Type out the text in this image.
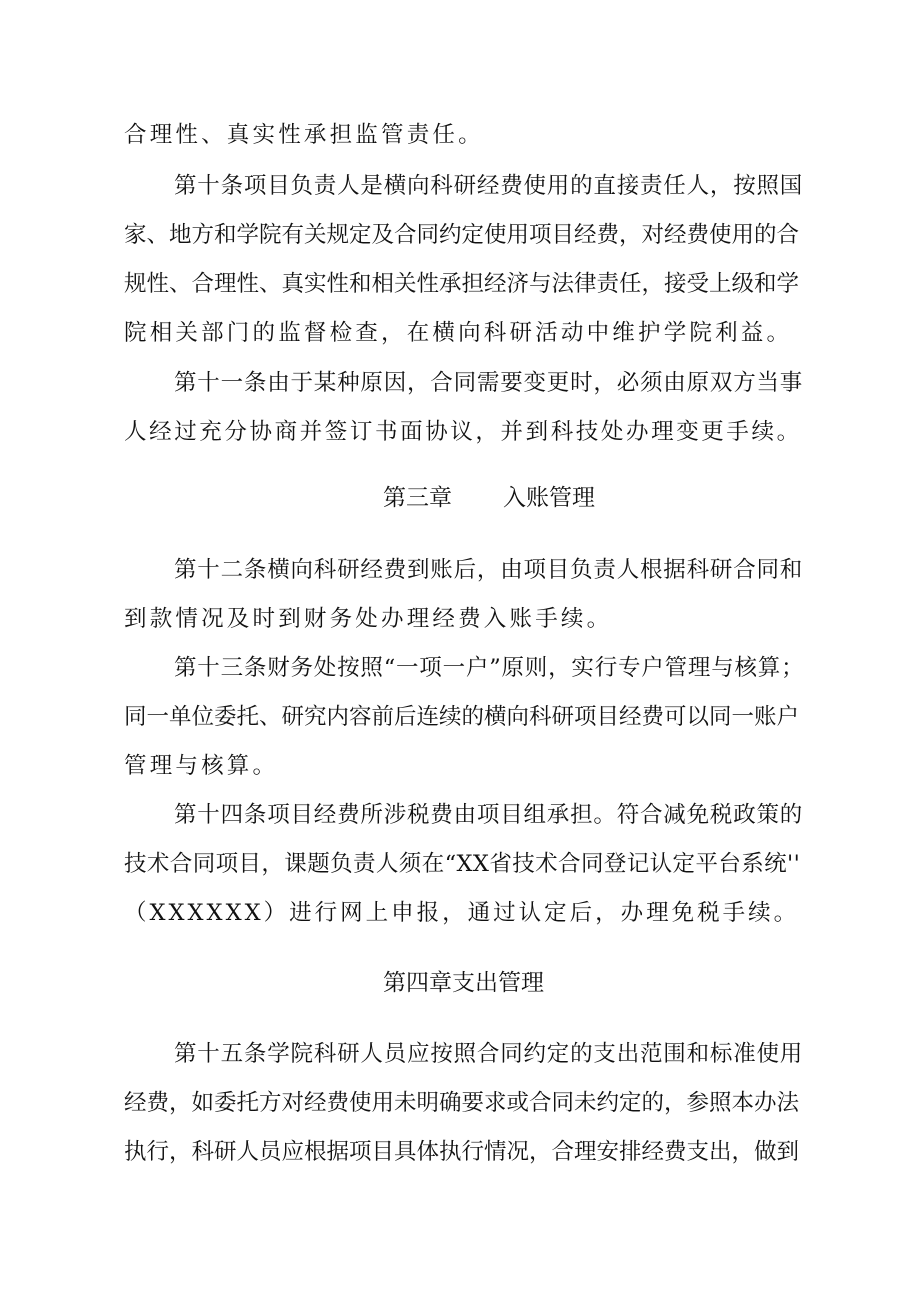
合理性、真实性承担监管责任。
第十条项目负责人是横向科研经费使用的直接责任人，按照国
家、地方和学院有关规定及合同约定使用项目经费，对经费使用的合
规性、合理性、真实性和相关性承担经济与法律责任，接受上级和学
院相关部门的监督检查，在横向科研活动中维护学院利益。
第十一条由于某种原因，合同需要变更时，必须由原双方当事
人经过充分协商并签订书面协议，并到科技处办理变更手续。
第三章 入账管理
第十二条横向科研经费到账后，由项目负责人根据科研合同和
到款情况及时到财务处办理经费入账手续。
第十三条财务处按照“一项一户”原则，实行专户管理与核算；
同一单位委托、研究内容前后连续的横向科研项目经费可以同一账户
管理与核算。
第十四条项目经费所涉税费由项目组承担。符合减免税政策的
技术合同项目，课题负责人须在“XX省技术合同登记认定平台系统''
（XXXXXX）进行网上申报，通过认定后，办理免税手续。
第四章支出管理
第十五条学院科研人员应按照合同约定的支出范围和标准使用
经费，如委托方对经费使用未明确要求或合同未约定的，参照本办法
执行，科研人员应根据项目具体执行情况，合理安排经费支出，做到
